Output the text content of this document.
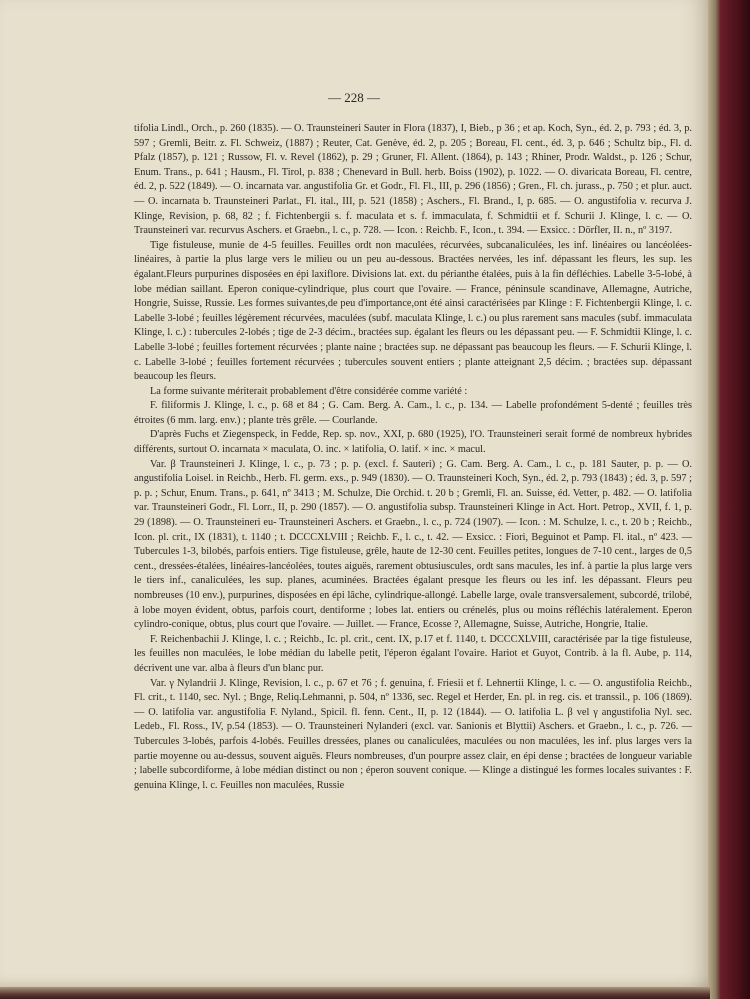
— 228 —

tifolia Lindl., Orch., p. 260 (1835). — O. Traunsteineri Sauter in Flora (1837), I, Bieb., p 36 ; et ap. Koch, Syn., éd. 2, p. 793 ; éd. 3, p. 597 ; Gremli, Beitr. z. Fl. Schweiz, (1887) ; Reuter, Cat. Genève, éd. 2, p. 205 ; Boreau, Fl. cent., éd. 3, p. 646 ; Schultz bip., Fl. d. Pfalz (1857), p. 121 ; Russow, Fl. v. Revel (1862), p. 29 ; Gruner, Fl. Allent. (1864), p. 143 ; Rhiner, Prodr. Waldst., p. 126 ; Schur, Enum. Trans., p. 641 ; Hausm., Fl. Tirol, p. 838 ; Chenevard in Bull. herb. Boiss (1902), p. 1022. — O. divaricata Boreau, Fl. centre, éd. 2, p. 522 (1849). — O. incarnata var. angustifolia Gr. et Godr., Fl. Fl., III, p. 296 (1856) ; Gren., Fl. ch. jurass., p. 750 ; et plur. auct. — O. incarnata b. Traunsteineri Parlat., Fl. ital., III, p. 521 (1858) ; Aschers., Fl. Brand., I, p. 685. — O. angustifolia v. recurva J. Klinge, Revision, p. 68, 82 ; f. Fichtenbergii s. f. maculata et s. f. immaculata, f. Schmidtii et f. Schurii J. Klinge, l. c. — O. Traunsteineri var. recurvus Aschers. et Graebn., l. c., p. 728. — Icon. : Reichb. F., Icon., t. 394. — Exsicc. : Dörfler, II. n., nº 3197.

Tige fistuleuse, munie de 4-5 feuilles. Feuilles ordt non maculées, récurvées, subcanaliculées, les inf. linéaires ou lancéolées-linéaires, à partie la plus large vers le milieu ou un peu au-dessous. Bractées nervées, les inf. dépassant les fleurs, les sup. les égalant.Fleurs purpurines disposées en épi laxiflore. Divisions lat. ext. du périanthe étalées, puis à la fin défléchies. Labelle 3-5-lobé, à lobe médian saillant. Eperon conique-cylindrique, plus court que l'ovaire. — France, péninsule scandinave, Allemagne, Autriche, Hongrie, Suisse, Russie. Les formes suivantes,de peu d'importance,ont été ainsi caractérisées par Klinge : F. Fichtenbergii Klinge, l. c. Labelle 3-lobé ; feuilles légèrement récurvées, maculées (subf. maculata Klinge, l. c.) ou plus rarement sans macules (subf. immaculata Klinge, l. c.) : tubercules 2-lobés ; tige de 2-3 décim., bractées sup. égalant les fleurs ou les dépassant peu. — F. Schmidtii Klinge, l. c. Labelle 3-lobé ; feuilles fortement récurvées ; plante naine ; bractées sup. ne dépassant pas beaucoup les fleurs. — F. Schurii Klinge, l. c. Labelle 3-lobé ; feuilles fortement récurvées ; tubercules souvent entiers ; plante atteignant 2,5 décim. ; bractées sup. dépassant beaucoup les fleurs.

La forme suivante mériterait probablement d'être considérée comme variété :

F. filiformis J. Klinge, l. c., p. 68 et 84 ; G. Cam. Berg. A. Cam., l. c., p. 134. — Labelle profondément 5-denté ; feuilles très étroites (6 mm. larg. env.) ; plante très grêle. — Courlande.

D'après Fuchs et Ziegenspeck, in Fedde, Rep. sp. nov., XXI, p. 680 (1925), l'O. Traunsteineri serait formé de nombreux hybrides différents, surtout O. incarnata × maculata, O. inc. × latifolia, O. latif. × inc. × macul.

Var. β Traunsteineri J. Klinge, l. c., p. 73 ; p. p. (excl. f. Sauteri) ; G. Cam. Berg. A. Cam., l. c., p. 181 Sauter, p. p. — O. angustifolia Loisel. in Reichb., Herb. Fl. germ. exs., p. 949 (1830). — O. Traunsteineri Koch, Syn., éd. 2, p. 793 (1843) ; éd. 3, p. 597 ; p. p. ; Schur, Enum. Trans., p. 641, nº 3413 ; M. Schulze, Die Orchid. t. 20 b ; Gremli, Fl. an. Suisse, éd. Vetter, p. 482. — O. latifolia var. Traunsteineri Godr., Fl. Lorr., II, p. 290 (1857). — O. angustifolia subsp. Traunsteineri Klinge in Act. Hort. Petrop., XVII, f. 1, p. 29 (1898). — O. Traunsteineri eu- Traunsteineri Aschers. et Graebn., l. c., p. 724 (1907). — Icon. : M. Schulze, l. c., t. 20 b ; Reichb., Icon. pl. crit., IX (1831), t. 1140 ; t. DCCCXLVIII ; Reichb. F., l. c., t. 42. — Exsicc. : Fiori, Beguinot et Pamp. Fl. ital., nº 423. — Tubercules 1-3, bilobés, parfois entiers. Tige fistuleuse, grêle, haute de 12-30 cent. Feuilles petites, longues de 7-10 cent., larges de 0,5 cent., dressées-étalées, linéaires-lancéolées, toutes aiguës, rarement obtusiuscules, ordt sans macules, les inf. à partie la plus large vers le tiers inf., canaliculées, les sup. planes, acuminées. Bractées égalant presque les fleurs ou les inf. les dépassant. Fleurs peu nombreuses (10 env.), purpurines, disposées en épi lâche, cylindrique-allongé. Labelle large, ovale transversalement, subcordé, trilobé, à lobe moyen évident, obtus, parfois court, dentiforme ; lobes lat. entiers ou crénelés, plus ou moins réfléchis latéralement. Eperon cylindro-conique, obtus, plus court que l'ovaire. — Juillet. — France, Ecosse ?, Allemagne, Suisse, Autriche, Hongrie, Italie.

F. Reichenbachii J. Klinge, l. c. ; Reichb., Ic. pl. crit., cent. IX, p.17 et f. 1140, t. DCCCXLVIII, caractérisée par la tige fistuleuse, les feuilles non maculées, le lobe médian du labelle petit, l'éperon égalant l'ovaire. Hariot et Guyot, Contrib. à la fl. Aube, p. 114, décrivent une var. alba à fleurs d'un blanc pur.

Var. γ Nylandrii J. Klinge, Revision, l. c., p. 67 et 76 ; f. genuina, f. Friesii et f. Lehnertii Klinge, l. c. — O. angustifolia Reichb., Fl. crit., t. 1140, sec. Nyl. ; Bnge, Reliq.Lehmanni, p. 504, nº 1336, sec. Regel et Herder, En. pl. in reg. cis. et transsil., p. 106 (1869). — O. latifolia var. angustifolia F. Nyland., Spicil. fl. fenn. Cent., II, p. 12 (1844). — O. latifolia L. β vel γ angustifolia Nyl. sec. Ledeb., Fl. Ross., IV, p.54 (1853). — O. Traunsteineri Nylanderi (excl. var. Sanionis et Blyttii) Aschers. et Graebn., l. c., p. 726. — Tubercules 3-lobés, parfois 4-lobés. Feuilles dressées, planes ou canaliculées, maculées ou non maculées, les inf. plus larges vers la partie moyenne ou au-dessus, souvent aiguës. Fleurs nombreuses, d'un pourpre assez clair, en épi dense ; bractées de longueur variable ; labelle subcordiforme, à lobe médian distinct ou non ; éperon souvent conique. — Klinge a distingué les formes locales suivantes : F. genuina Klinge, l. c. Feuilles non maculées, Russie
